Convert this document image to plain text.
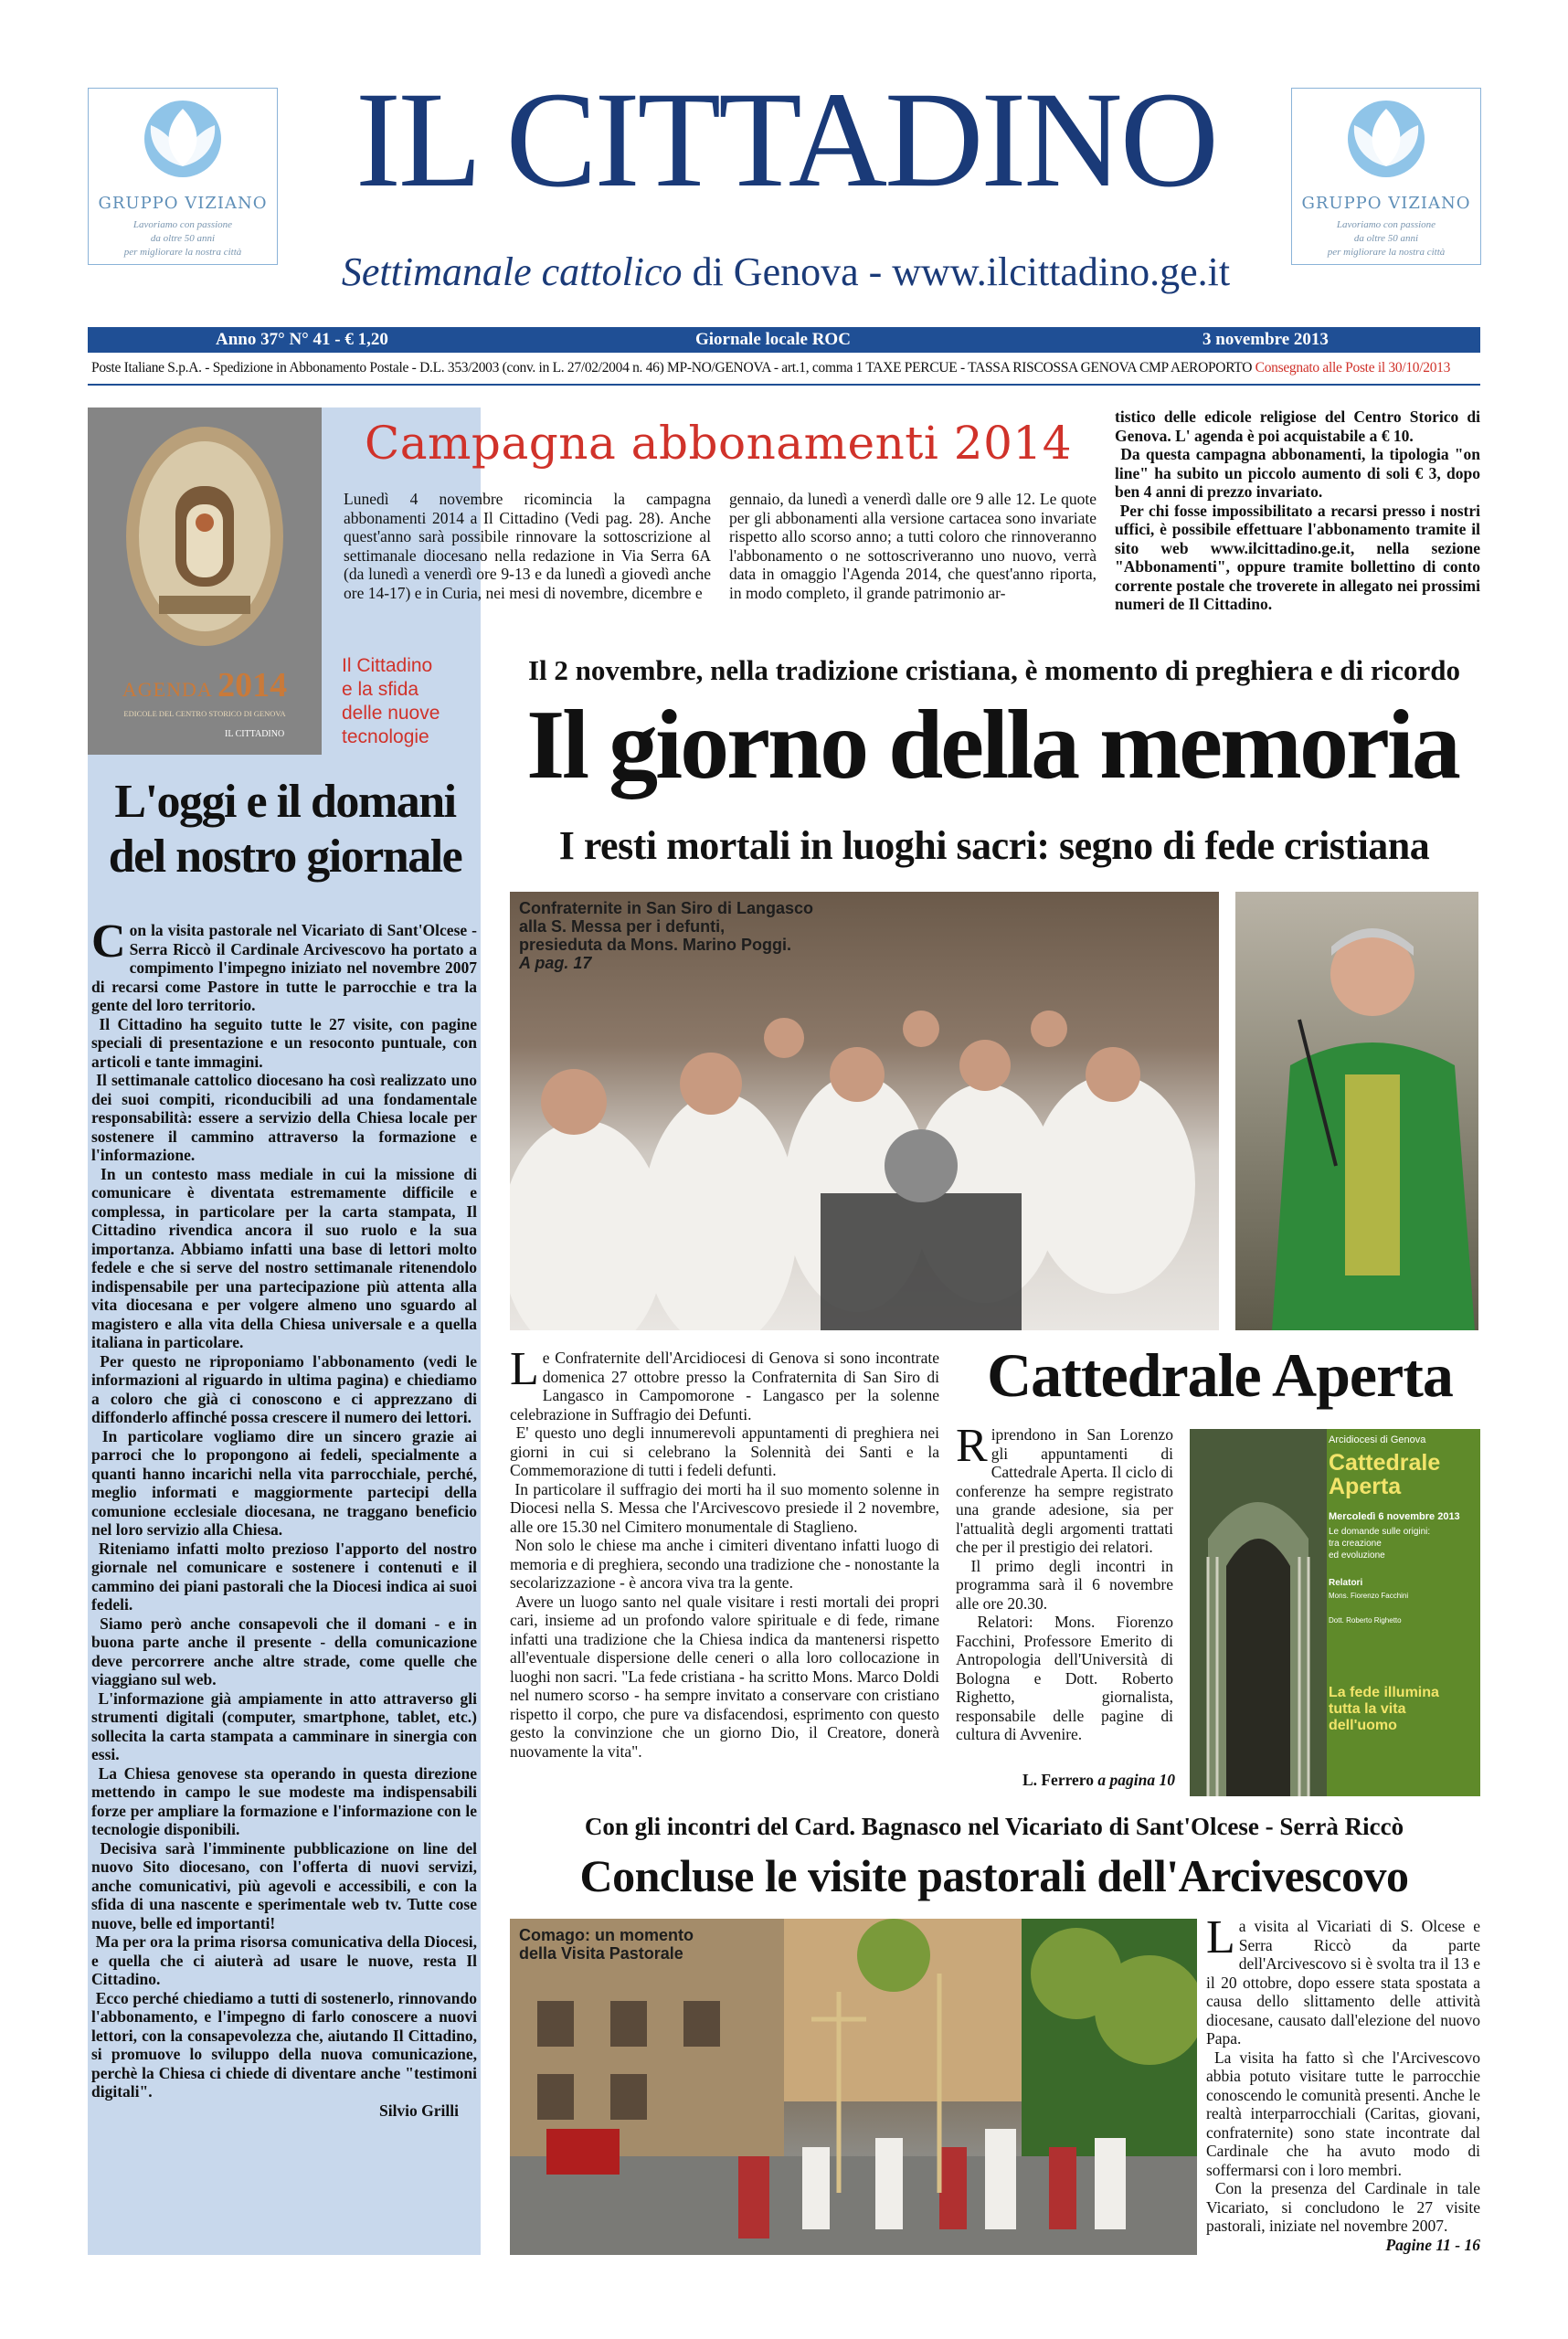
GRUPPO VIZIANO
Lavoriamo con passione
da oltre 50 anni
per migliorare la nostra città
GRUPPO VIZIANO
Lavoriamo con passione
da oltre 50 anni
per migliorare la nostra città
IL CITTADINO
Settimanale cattolico di Genova - www.ilcittadino.ge.it
Anno 37° N° 41 - € 1,20	Giornale locale ROC	3 novembre 2013
Poste Italiane S.p.A. - Spedizione in Abbonamento Postale - D.L. 353/2003 (conv. in L. 27/02/2004 n. 46) MP-NO/GENOVA - art.1, comma 1 TAXE PERCUE - TASSA RISCOSSA GENOVA CMP AEROPORTO Consegnato alle Poste il 30/10/2013
AGENDA 2014
EDICOLE DEL CENTRO STORICO DI GENOVA
IL CITTADINO
Il Cittadino
e la sfida
delle nuove
tecnologie
L'oggi e il domani
del nostro giornale

Con la visita pastorale nel Vicariato di Sant'Olcese - Serra Riccò il Cardinale Arcivescovo ha portato a compimento l'impegno iniziato nel novembre 2007 di recarsi come Pastore in tutte le parrocchie e tra la gente del loro territorio.

Il Cittadino ha seguito tutte le 27 visite, con pagine speciali di presentazione e un resoconto puntuale, con articoli e tante immagini.

Il settimanale cattolico diocesano ha così realizzato uno dei suoi compiti, riconducibili ad una fondamentale responsabilità: essere a servizio della Chiesa locale per sostenere il cammino attraverso la formazione e l'informazione.

In un contesto mass mediale in cui la missione di comunicare è diventata estremamente difficile e complessa, in particolare per la carta stampata, Il Cittadino rivendica ancora il suo ruolo e la sua importanza. Abbiamo infatti una base di lettori molto fedele e che si serve del nostro settimanale ritenendolo indispensabile per una partecipazione più attenta alla vita diocesana e per volgere almeno uno sguardo al magistero e alla vita della Chiesa universale e a quella italiana in particolare.

Per questo ne riproponiamo l'abbonamento (vedi le informazioni al riguardo in ultima pagina) e chiediamo a coloro che già ci conoscono e ci apprezzano di diffonderlo affinché possa crescere il numero dei lettori.

In particolare vogliamo dire un sincero grazie ai parroci che lo propongono ai fedeli, specialmente a quanti hanno incarichi nella vita parrocchiale, perché, meglio informati e maggiormente partecipi della comunione ecclesiale diocesana, ne traggano beneficio nel loro servizio alla Chiesa.

Riteniamo infatti molto prezioso l'apporto del nostro giornale nel comunicare e sostenere i contenuti e il cammino dei piani pastorali che la Diocesi indica ai suoi fedeli.

Siamo però anche consapevoli che il domani - e in buona parte anche il presente - della comunicazione deve percorrere anche altre strade, come quelle che viaggiano sul web.

L'informazione già ampiamente in atto attraverso gli strumenti digitali (computer, smartphone, tablet, etc.) sollecita la carta stampata a camminare in sinergia con essi.

La Chiesa genovese sta operando in questa direzione mettendo in campo le sue modeste ma indispensabili forze per ampliare la formazione e l'informazione con le tecnologie disponibili.

Decisiva sarà l'imminente pubblicazione on line del nuovo Sito diocesano, con l'offerta di nuovi servizi, anche comunicativi, più agevoli e accessibili, e con la sfida di una nascente e sperimentale web tv. Tutte cose nuove, belle ed importanti!

Ma per ora la prima risorsa comunicativa della Diocesi, e quella che ci aiuterà ad usare le nuove, resta Il Cittadino.

Ecco perché chiediamo a tutti di sostenerlo, rinnovando l'abbonamento, e l'impegno di farlo conoscere a nuovi lettori, con la consapevolezza che, aiutando Il Cittadino, si promuove lo sviluppo della nuova comunicazione, perchè la Chiesa ci chiede di diventare anche "testimoni digitali".

Silvio Grilli

Campagna abbonamenti 2014
Lunedì 4 novembre ricomincia la campagna abbonamenti 2014 a Il Cittadino (Vedi pag. 28). Anche quest'anno sarà possibile rinnovare la sottoscrizione al settimanale diocesano nella redazione in Via Serra 6A (da lunedì a venerdì ore 9-13 e da lunedì a giovedì anche ore 14-17) e in Curia, nei mesi di novembre, dicembre e
gennaio, da lunedì a venerdì dalle ore 9 alle 12. Le quote per gli abbonamenti alla versione cartacea sono invariate rispetto allo scorso anno; a tutti coloro che rinnoveranno l'abbonamento o ne sottoscriveranno uno nuovo, verrà data in omaggio l'Agenda 2014, che quest'anno riporta, in modo completo, il grande patrimonio ar-

tistico delle edicole religiose del Centro Storico di Genova. L' agenda è poi acquistabile a € 10.

Da questa campagna abbonamenti, la tipologia "on line" ha subito un piccolo aumento di soli € 3, dopo ben 4 anni di prezzo invariato.

Per chi fosse impossibilitato a recarsi presso i nostri uffici, è possibile effettuare l'abbonamento tramite il sito web www.ilcittadino.ge.it, nella sezione "Abbonamenti", oppure tramite bollettino di conto corrente postale che troverete in allegato nei prossimi numeri de Il Cittadino.

Il 2 novembre, nella tradizione cristiana, è momento di preghiera e di ricordo
Il giorno della memoria
I resti mortali in luoghi sacri: segno di fede cristiana
Confraternite in San Siro di Langasco
alla S. Messa per i defunti,
presieduta da Mons. Marino Poggi.
A pag. 17

Le Confraternite dell'Arcidiocesi di Genova si sono incontrate domenica 27 ottobre presso la Confraternita di San Siro di Langasco in Campomorone - Langasco per la solenne celebrazione in Suffragio dei Defunti.

E' questo uno degli innumerevoli appuntamenti di preghiera nei giorni in cui si celebrano la Solennità dei Santi e la Commemorazione di tutti i fedeli defunti.

In particolare il suffragio dei morti ha il suo momento solenne in Diocesi nella S. Messa che l'Arcivescovo presiede il 2 novembre, alle ore 15.30 nel Cimitero monumentale di Staglieno.

Non solo le chiese ma anche i cimiteri diventano infatti luogo di memoria e di preghiera, secondo una tradizione che - nonostante la secolarizzazione - è ancora viva tra la gente.

Avere un luogo santo nel quale visitare i resti mortali dei propri cari, insieme ad un profondo valore spirituale e di fede, rimane infatti una tradizione che la Chiesa indica da mantenersi rispetto all'eventuale dispersione delle ceneri o alla loro collocazione in luoghi non sacri. "La fede cristiana - ha scritto Mons. Marco Doldi nel numero scorso - ha sempre invitato a conservare con cristiano rispetto il corpo, che pure va disfacendosi, esprimento con questo gesto la convinzione che un giorno Dio, il Creatore, donerà nuovamente la vita".

Cattedrale Aperta

Riprendono in San Lorenzo gli appuntamenti di Cattedrale Aperta. Il ciclo di conferenze ha sempre registrato una grande adesione, sia per l'attualità degli argomenti trattati che per il prestigio dei relatori.

Il primo degli incontri in programma sarà il 6 novembre alle ore 20.30.

Relatori: Mons. Fiorenzo Facchini, Professore Emerito di Antropologia dell'Università di Bologna e Dott. Roberto Righetto, giornalista, responsabile delle pagine di cultura di Avvenire.

L. Ferrero a pagina 10
Arcidiocesi di Genova
Cattedrale
Aperta
Mercoledì 6 novembre 2013
Le domande sulle origini:
tra creazione
ed evoluzione
Relatori
Mons. Fiorenzo Facchini
Dott. Roberto Righetto
La fede illumina
tutta la vita
dell'uomo
Con gli incontri del Card. Bagnasco nel Vicariato di Sant'Olcese - Serrà Riccò
Concluse le visite pastorali dell'Arcivescovo
Comago: un momento
della Visita Pastorale	La visita al Vicariati di S. Olcese e Serra Riccò da parte dell'Arcivescovo si è svolta tra il 13 e il 20 ottobre, dopo essere stata spostata a causa dello slittamento delle attività diocesane, causato dall'elezione del nuovo Papa.

La visita ha fatto sì che l'Arcivescovo abbia potuto visitare tutte le parrocchie conoscendo le comunità presenti. Anche le realtà interparrocchiali (Caritas, giovani, confraternite) sono state incontrate dal Cardinale che ha avuto modo di soffermarsi con i loro membri.

Con la presenza del Cardinale in tale Vicariato, si concludono le 27 visite pastorali, iniziate nel novembre 2007.

Pagine 11 - 16
